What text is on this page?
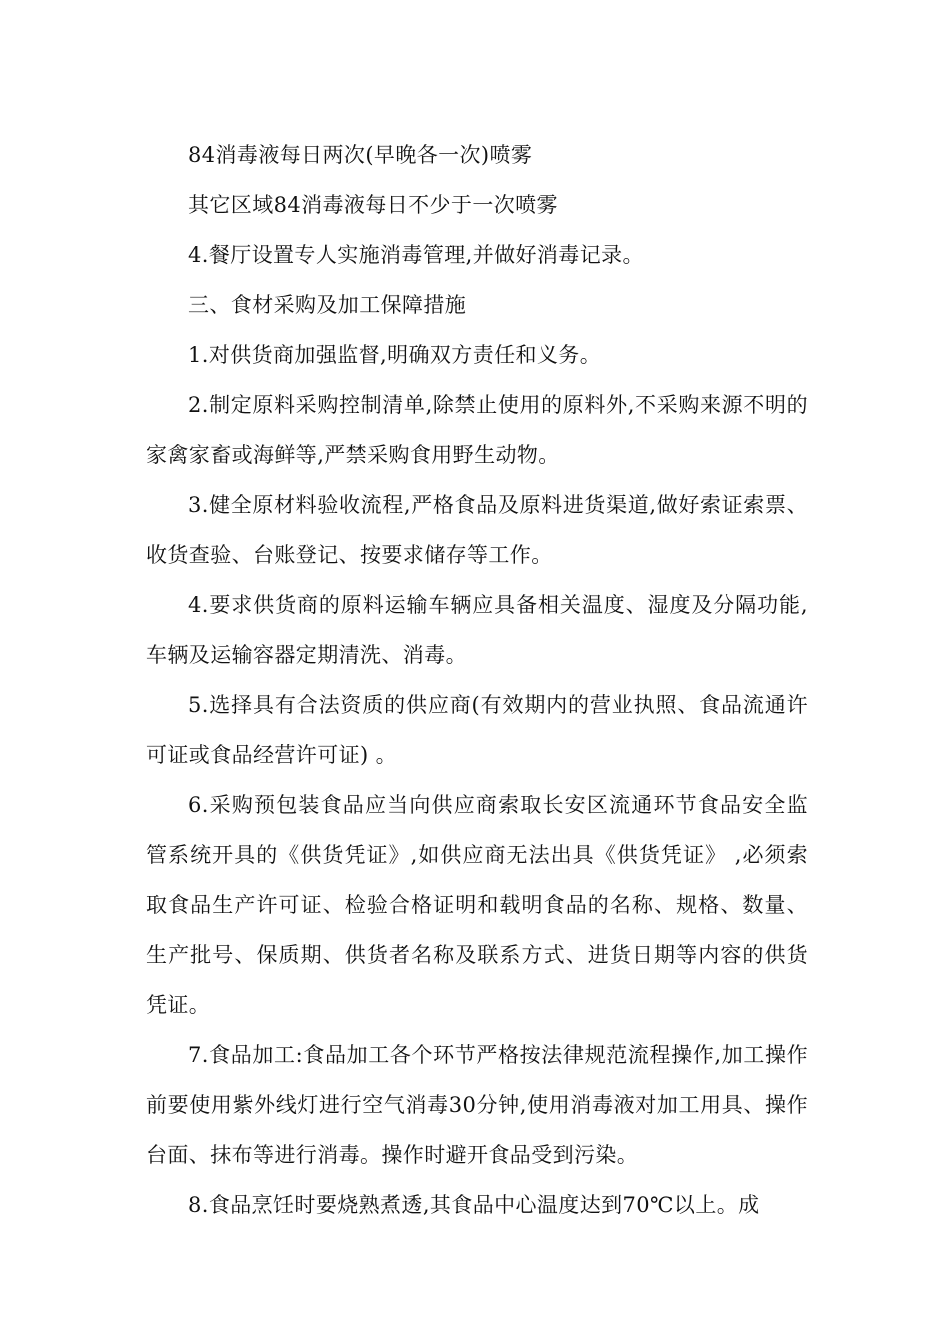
84消毒液每日两次(早晚各一次)喷雾

其它区域84消毒液每日不少于一次喷雾

4.餐厅设置专人实施消毒管理,并做好消毒记录。

三、食材采购及加工保障措施

1.对供货商加强监督,明确双方责任和义务。

2.制定原料采购控制清单,除禁止使用的原料外,不采购来源不明的家禽家畜或海鲜等,严禁采购食用野生动物。

3.健全原材料验收流程,严格食品及原料进货渠道,做好索证索票、收货查验、台账登记、按要求储存等工作。

4.要求供货商的原料运输车辆应具备相关温度、湿度及分隔功能,车辆及运输容器定期清洗、消毒。

5.选择具有合法资质的供应商(有效期内的营业执照、食品流通许可证或食品经营许可证) 。

6.采购预包装食品应当向供应商索取长安区流通环节食品安全监管系统开具的《供货凭证》,如供应商无法出具《供货凭证》 ,必须索取食品生产许可证、检验合格证明和载明食品的名称、规格、数量、生产批号、保质期、供货者名称及联系方式、进货日期等内容的供货凭证。

7.食品加工:食品加工各个环节严格按法律规范流程操作,加工操作前要使用紫外线灯进行空气消毒30分钟,使用消毒液对加工用具、操作台面、抹布等进行消毒。操作时避开食品受到污染。

8.食品烹饪时要烧熟煮透,其食品中心温度达到70℃以上。成
